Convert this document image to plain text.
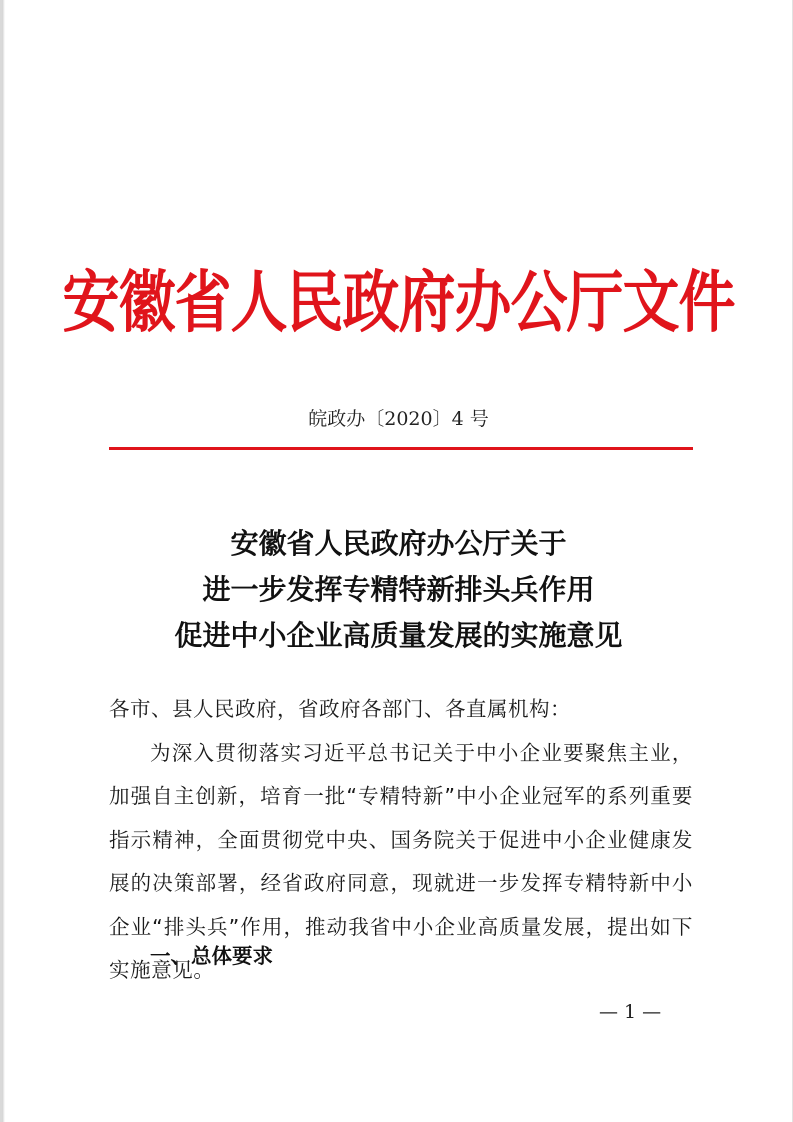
安徽省人民政府办公厅文件
皖政办〔2020〕4 号
安徽省人民政府办公厅关于
进一步发挥专精特新排头兵作用
促进中小企业高质量发展的实施意见
各市、县人民政府，省政府各部门、各直属机构：
为深入贯彻落实习近平总书记关于中小企业要聚焦主业，加强自主创新，培育一批“专精特新”中小企业冠军的系列重要指示精神，全面贯彻党中央、国务院关于促进中小企业健康发展的决策部署，经省政府同意，现就进一步发挥专精特新中小企业“排头兵”作用，推动我省中小企业高质量发展，提出如下实施意见。
一、总体要求
— 1 —
